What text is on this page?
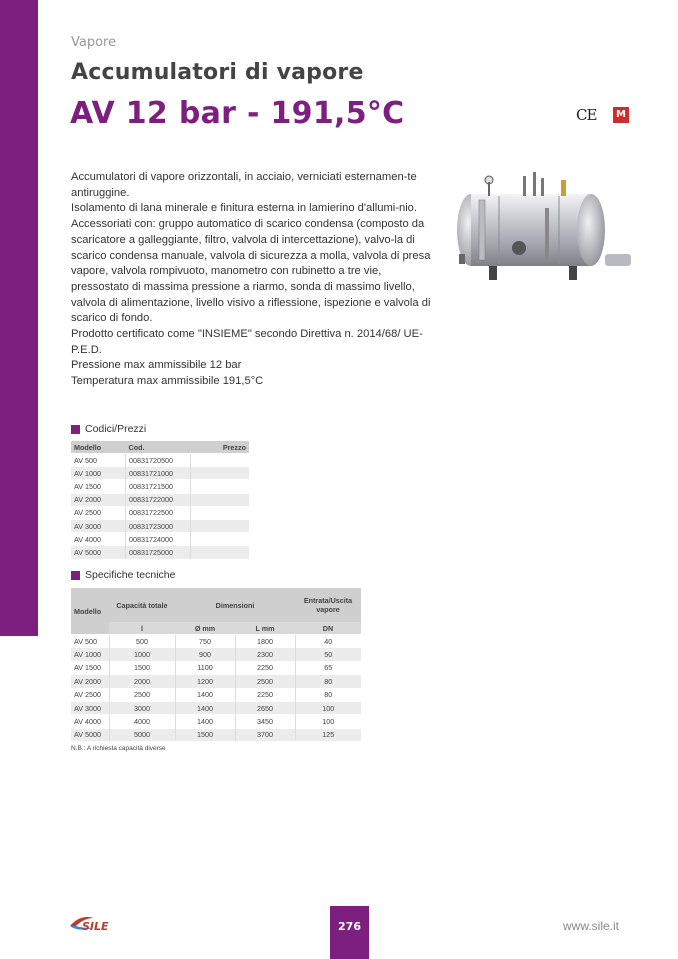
Vapore
Accumulatori di vapore
AV 12 bar - 191,5°C	CE	M

Accumulatori di vapore orizzontali, in acciaio, verniciati esternamen-te antiruggine.

Isolamento di lana minerale e finitura esterna in lamierino d'allumi-nio.

Accessoriati con: gruppo automatico di scarico condensa (composto da scaricatore a galleggiante, filtro, valvola di intercettazione), valvo-la di scarico condensa manuale, valvola di sicurezza a molla, valvola di presa vapore, valvola rompivuoto, manometro con rubinetto a tre vie, pressostato di massima pressione a riarmo, sonda di massimo livello, valvola di alimentazione, livello visivo a riflessione, ispezione e valvola di scarico di fondo.

Prodotto certificato come "INSIEME" secondo Direttiva n. 2014/68/ UE-P.E.D.

Pressione max ammissibile 12 bar

Temperatura max ammissibile 191,5°C

Codici/Prezzi
Modello	Cod.	Prezzo
AV 500	00831720500	
AV 1000	00831721000	
AV 1500	00831721500	
AV 2000	00831722000	
AV 2500	00831722500	
AV 3000	00831723000	
AV 4000	00831724000	
AV 5000	00831725000	
Specifiche tecniche
Modello	Capacità totale	Dimensioni		Entrata/Uscita vapore
	l	Ø mm	L mm	DN
AV 500	500	750	1800	40
AV 1000	1000	900	2300	50
AV 1500	1500	1100	2250	65
AV 2000	2000	1200	2500	80
AV 2500	2500	1400	2250	80
AV 3000	3000	1400	2650	100
AV 4000	4000	1400	3450	100
AV 5000	5000	1500	3700	125
N.B.: A richiesta capacità diverse
SILE	276	www.sile.it
